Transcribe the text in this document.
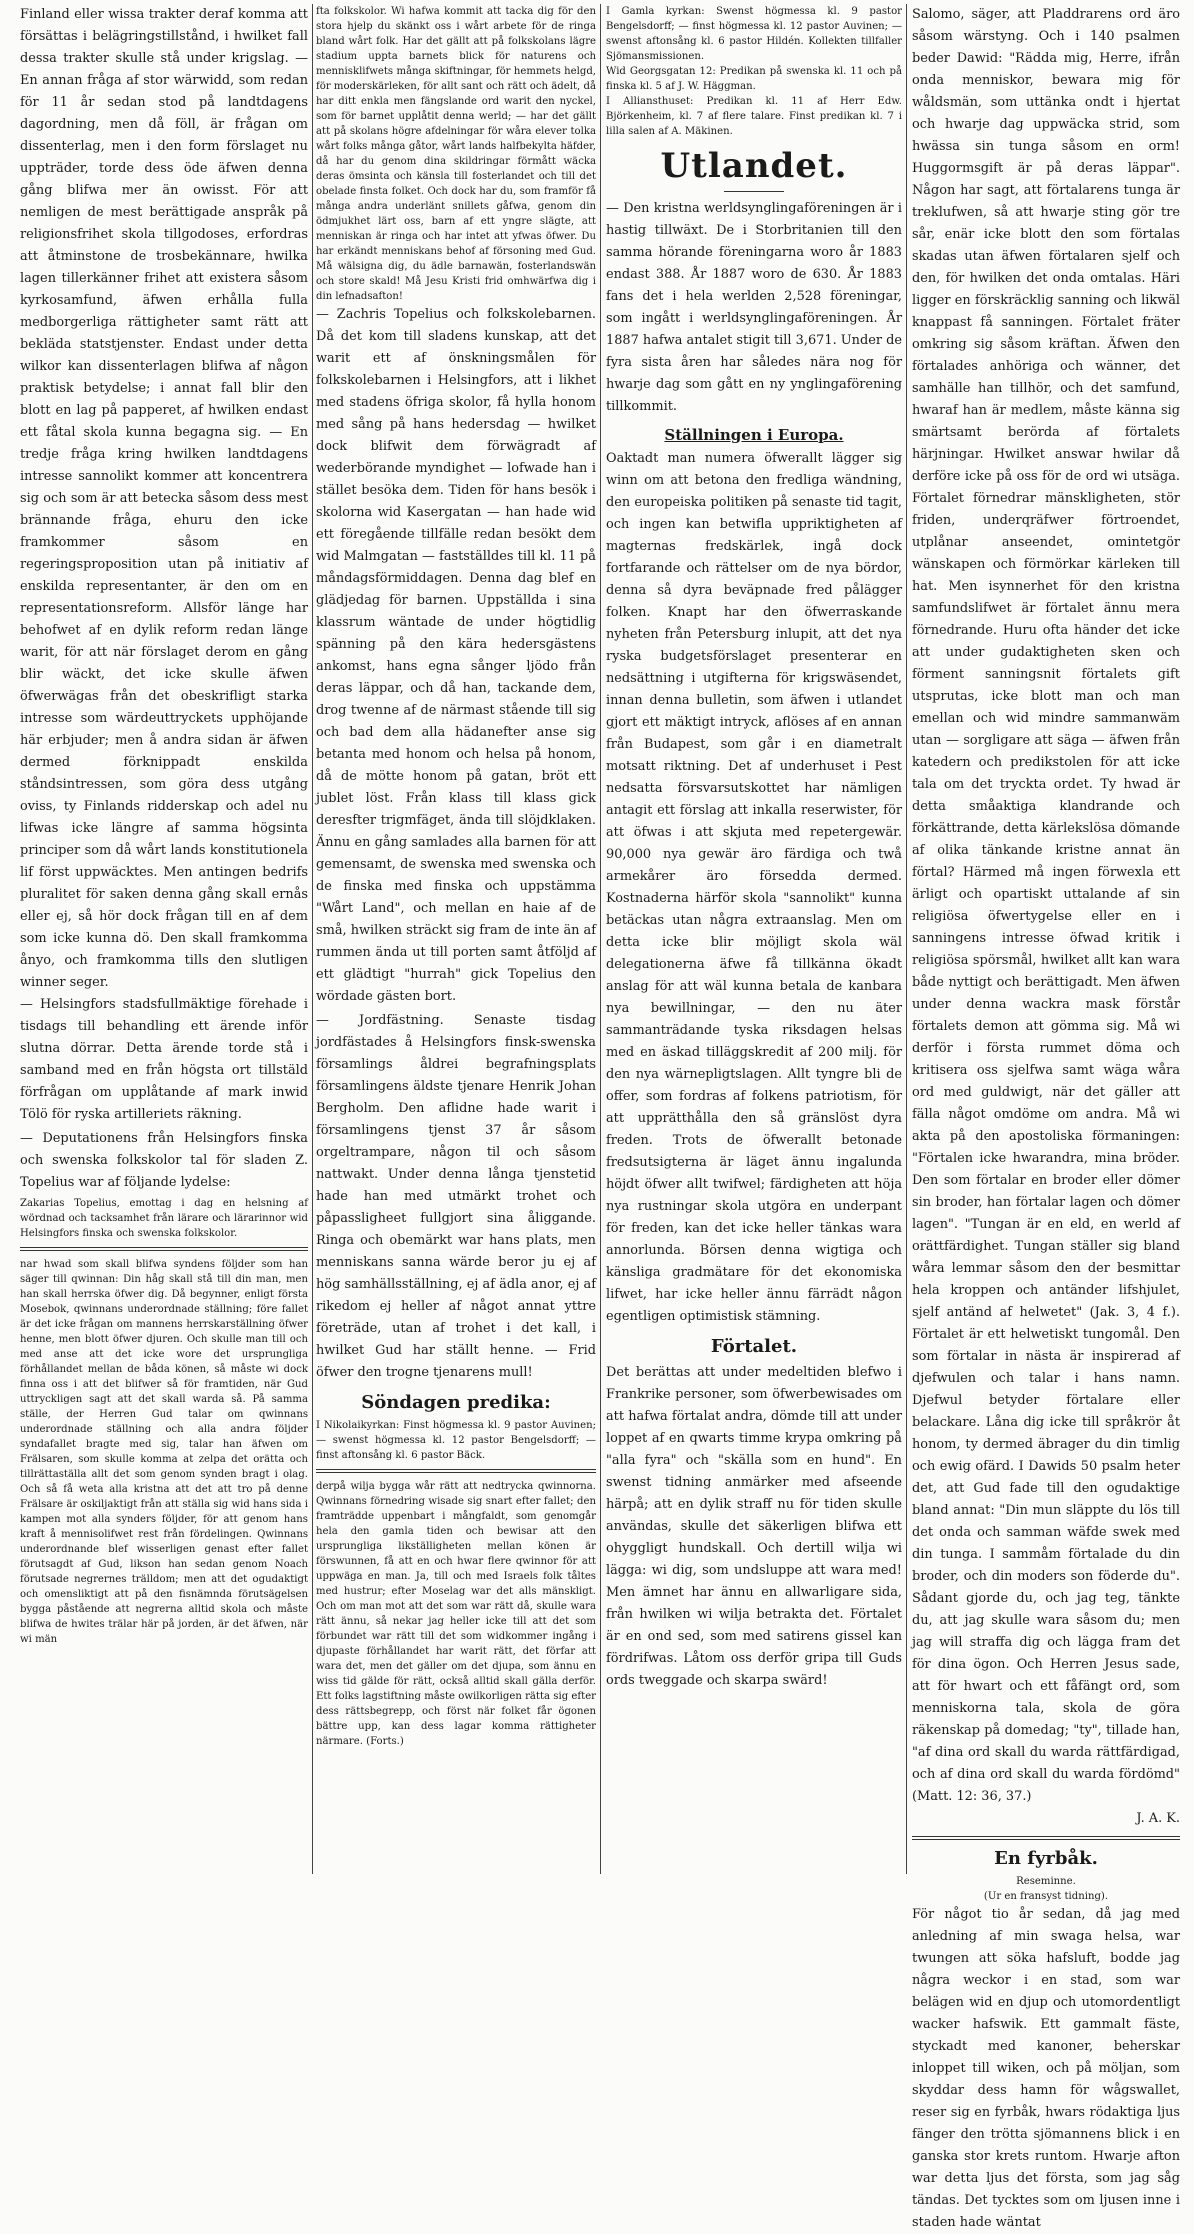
Finland eller wissa trakter deraf komma att försättas i belägringstillstånd, i hwilket fall dessa trakter skulle stå under krigslag. — En annan fråga af stor wärwidd, som redan för 11 år sedan stod på landtdagens dagordning, men då föll, är frågan om dissenterlag, men i den form förslaget nu uppträder, torde dess öde äfwen denna gång blifwa mer än owisst. För att nemligen de mest berättigade anspråk på religionsfrihet skola tillgodoses, erfordras att åtminstone de trosbekännare, hwilka lagen tillerkänner frihet att existera såsom kyrkosamfund, äfwen erhålla fulla medborgerliga rättigheter samt rätt att bekläda statstjenster. Endast under detta wilkor kan dissenterlagen blifwa af någon praktisk betydelse; i annat fall blir den blott en lag på papperet, af hwilken endast ett fåtal skola kunna begagna sig. — En tredje fråga kring hwilken landtdagens intresse sannolikt kommer att koncentrera sig och som är att betecka såsom dess mest brännande fråga, ehuru den icke framkommer såsom en regeringsproposition utan på initiativ af enskilda representanter, är den om en representationsreform. Allsför länge har behofwet af en dylik reform redan länge warit, för att när förslaget derom en gång blir wäckt, det icke skulle äfwen öfwerwägas från det obeskrifligt starka intresse som wärdeuttryckets upphöjande här erbjuder; men å andra sidan är äfwen dermed förknippadt enskilda ståndsintressen, som göra dess utgång oviss, ty Finlands ridderskap och adel nu lifwas icke längre af samma högsinta principer som då wårt lands konstitutionela lif först uppwäcktes. Men antingen bedrifs pluralitet för saken denna gång skall ernås eller ej, så hör dock frågan till en af dem som icke kunna dö. Den skall framkomma ånyo, och framkomma tills den slutligen winner seger.

— Helsingfors stadsfullmäktige förehade i tisdags till behandling ett ärende inför slutna dörrar. Detta ärende torde stå i samband med en från högsta ort tillstäld förfrågan om upplåtande af mark inwid Tölö för ryska artilleriets räkning.

— Deputationens från Helsingfors finska och swenska folkskolor tal för sladen Z. Topelius war af följande lydelse:

Zakarias Topelius, emottag i dag en helsning af wördnad och tacksamhet från lärare och lärarinnor wid Helsingfors finska och swenska folkskolor.

nar hwad som skall blifwa syndens följder som han säger till qwinnan: Din håg skall stå till din man, men han skall herrska öfwer dig. Då begynner, enligt första Mosebok, qwinnans underordnade ställning; före fallet är det icke frågan om mannens herrskarställning öfwer henne, men blott öfwer djuren. Och skulle man till och med anse att det icke wore det ursprungliga förhållandet mellan de båda könen, så måste wi dock finna oss i att det blifwer så för framtiden, när Gud uttryckligen sagt att det skall warda så. På samma ställe, der Herren Gud talar om qwinnans underordnade ställning och alla andra följder syndafallet bragte med sig, talar han äfwen om Frälsaren, som skulle komma at zelpa det orätta och tillrättaställa allt det som genom synden bragt i olag. Och så få weta alla kristna att det att tro på denne Frälsare är oskiljaktigt från att ställa sig wid hans sida i kampen mot alla synders följder, för att genom hans kraft å mennisolifwet rest från fördelingen. Qwinnans underordnande blef wisserligen genast efter fallet förutsagdt af Gud, likson han sedan genom Noach förutsade negrernes trälldom; men att det ogudaktigt och omensliktigt att på den fisnämnda förutsägelsen bygga påstående att negrerna alltid skola och måste blifwa de hwites trälar här på jorden, är det äfwen, när wi män

fta folkskolor. Wi hafwa kommit att tacka dig för den stora hjelp du skänkt oss i wårt arbete för de ringa bland wårt folk. Har det gällt att på folkskolans lägre stadium uppta barnets blick för naturens och mennisklifwets många skiftningar, för hemmets helgd, för moderskärleken, för allt sant och rätt och ädelt, då har ditt enkla men fängslande ord warit den nyckel, som för barnet upplåtit denna werld; — har det gällt att på skolans högre afdelningar för wåra elever tolka wårt folks många gåtor, wårt lands halfbekylta häfder, då har du genom dina skildringar förmått wäcka deras ömsinta och känsla till fosterlandet och till det obelade finsta folket. Och dock har du, som framför få många andra underlänt snillets gåfwa, genom din ödmjukhet lärt oss, barn af ett yngre slägte, att menniskan är ringa och har intet att yfwas öfwer. Du har erkändt menniskans behof af försoning med Gud. Må wälsigna dig, du ädle barnawän, fosterlandswän och store skald! Må Jesu Kristi frid omhwärfwa dig i din lefnadsafton!

— Zachris Topelius och folkskolebarnen. Då det kom till sladens kunskap, att det warit ett af önskningsmålen för folkskolebarnen i Helsingfors, att i likhet med stadens öfriga skolor, få hylla honom med sång på hans hedersdag — hwilket dock blifwit dem förwägradt af wederbörande myndighet — lofwade han i stället besöka dem. Tiden för hans besök i skolorna wid Kasergatan — han hade wid ett föregående tillfälle redan besökt dem wid Malmgatan — fastställdes till kl. 11 på måndagsförmiddagen. Denna dag blef en glädjedag för barnen. Uppställda i sina klassrum wäntade de under högtidlig spänning på den kära hedersgästens ankomst, hans egna sånger ljödo från deras läppar, och då han, tackande dem, drog twenne af de närmast stående till sig och bad dem alla hädanefter anse sig betanta med honom och helsa på honom, då de mötte honom på gatan, bröt ett jublet löst. Från klass till klass gick deresfter trigmfäget, ända till slöjdklaken. Ännu en gång samlades alla barnen för att gemensamt, de swenska med swenska och de finska med finska och uppstämma "Wårt Land", och mellan en haie af de små, hwilken sträckt sig fram de inte än af rummen ända ut till porten samt åtföljd af ett glädtigt "hurrah" gick Topelius den wördade gästen bort.

— Jordfästning. Senaste tisdag jordfästades å Helsingfors finsk-swenska församlings åldrei begrafningsplats församlingens äldste tjenare Henrik Johan Bergholm. Den aflidne hade warit i församlingens tjenst 37 år såsom orgeltrampare, någon til och såsom nattwakt. Under denna långa tjenstetid hade han med utmärkt trohet och påpassligheet fullgjort sina åliggande. Ringa och obemärkt war hans plats, men menniskans sanna wärde beror ju ej af hög samhällsställning, ej af ädla anor, ej af rikedom ej heller af något annat yttre företräde, utan af trohet i det kall, i hwilket Gud har ställt henne. — Frid öfwer den trogne tjenarens mull!

Söndagen predika:

I Nikolaikyrkan: Finst högmessa kl. 9 pastor Auvinen; — swenst högmessa kl. 12 pastor Bengelsdorff; — finst aftonsång kl. 6 pastor Bäck.

derpå wilja bygga wår rätt att nedtrycka qwinnorna. Qwinnans förnedring wisade sig snart efter fallet; den framträdde uppenbart i mångfaldt, som genomgår hela den gamla tiden och bewisar att den ursprungliga likställigheten mellan könen är förswunnen, få att en och hwar flere qwinnor för att uppwäga en man. Ja, till och med Israels folk tåltes med hustrur; efter Moselag war det alls mänskligt. Och om man mot att det som war rätt då, skulle wara rätt ännu, så nekar jag heller icke till att det som förbundet war rätt till det som widkommer ingång i djupaste förhållandet har warit rätt, det förfar att wara det, men det gäller om det djupa, som ännu en wiss tid gälde för rätt, också alltid skall gälla derför. Ett folks lagstiftning måste owilkorligen rätta sig efter dess rättsbegrepp, och först när folket får ögonen bättre upp, kan dess lagar komma rättigheter närmare. (Forts.)

I Gamla kyrkan: Swenst högmessa kl. 9 pastor Bengelsdorff; — finst högmessa kl. 12 pastor Auvinen; — swenst aftonsång kl. 6 pastor Hildén. Kollekten tillfaller Sjömansmissionen.

Wid Georgsgatan 12: Predikan på swenska kl. 11 och på finska kl. 5 af J. W. Häggman.

I Alliansthuset: Predikan kl. 11 af Herr Edw. Björkenheim, kl. 7 af flere talare. Finst predikan kl. 7 i lilla salen af A. Mäkinen.

Utlandet.

— Den kristna werldsynglingaföreningen är i hastig tillwäxt. De i Storbritanien till den samma hörande föreningarna woro år 1883 endast 388. År 1887 woro de 630. År 1883 fans det i hela werlden 2,528 föreningar, som ingått i werldsynglingaföreningen. År 1887 hafwa antalet stigit till 3,671. Under de fyra sista åren har således nära nog för hwarje dag som gått en ny ynglingaförening tillkommit.

Ställningen i Europa.

Oaktadt man numera öfwerallt lägger sig winn om att betona den fredliga wändning, den europeiska politiken på senaste tid tagit, och ingen kan betwifla uppriktigheten af magternas fredskärlek, ingå dock fortfarande och rättelser om de nya bördor, denna så dyra beväpnade fred pålägger folken. Knapt har den öfwerraskande nyheten från Petersburg inlupit, att det nya ryska budgetsförslaget presenterar en nedsättning i utgifterna för krigswäsendet, innan denna bulletin, som äfwen i utlandet gjort ett mäktigt intryck, aflöses af en annan från Budapest, som går i en diametralt motsatt riktning. Det af underhuset i Pest nedsatta försvarsutskottet har nämligen antagit ett förslag att inkalla reserwister, för att öfwas i att skjuta med repetergewär. 90,000 nya gewär äro färdiga och twå armekårer äro försedda dermed. Kostnaderna härför skola "sannolikt" kunna betäckas utan några extraanslag. Men om detta icke blir möjligt skola wäl delegationerna äfwe få tillkänna ökadt anslag för att wäl kunna betala de kanbara nya bewillningar, — den nu äter sammanträdande tyska riksdagen helsas med en äskad tilläggskredit af 200 milj. för den nya wärnepligtslagen. Allt tyngre bli de offer, som fordras af folkens patriotism, för att upprätthålla den så gränslöst dyra freden. Trots de öfwerallt betonade fredsutsigterna är läget ännu ingalunda höjdt öfwer allt twifwel; färdigheten att höja nya rustningar skola utgöra en underpant för freden, kan det icke heller tänkas wara annorlunda. Börsen denna wigtiga och känsliga gradmätare för det ekonomiska lifwet, har icke heller ännu färrädt någon egentligen optimistisk stämning.

Förtalet.

Det berättas att under medeltiden blefwo i Frankrike personer, som öfwerbewisades om att hafwa förtalat andra, dömde till att under loppet af en qwarts timme krypa omkring på "alla fyra" och "skälla som en hund". En swenst tidning anmärker med afseende härpå; att en dylik straff nu för tiden skulle användas, skulle det säkerligen blifwa ett ohyggligt hundskall. Och dertill wilja wi lägga: wi dig, som undsluppe att wara med! Men ämnet har ännu en allwarligare sida, från hwilken wi wilja betrakta det. Förtalet är en ond sed, som med satirens gissel kan fördrifwas. Låtom oss derför gripa till Guds ords tweggade och skarpa swärd!

Salomo, säger, att Pladdrarens ord äro såsom wärstyng. Och i 140 psalmen beder Dawid: "Rädda mig, Herre, ifrån onda menniskor, bewara mig för wåldsmän, som uttänka ondt i hjertat och hwarje dag uppwäcka strid, som hwässa sin tunga såsom en orm! Huggormsgift är på deras läppar". Någon har sagt, att förtalarens tunga är treklufwen, så att hwarje sting gör tre sår, enär icke blott den som förtalas skadas utan äfwen förtalaren sjelf och den, för hwilken det onda omtalas. Häri ligger en förskräcklig sanning och likwäl knappast få sanningen. Förtalet fräter omkring sig såsom kräftan. Äfwen den förtalades anhöriga och wänner, det samhälle han tillhör, och det samfund, hwaraf han är medlem, måste känna sig smärtsamt berörda af förtalets härjningar. Hwilket answar hwilar då derföre icke på oss för de ord wi utsäga. Förtalet förnedrar mänskligheten, stör friden, underqräfwer förtroendet, utplånar anseendet, omintetgör wänskapen och förmörkar kärleken till hat. Men isynnerhet för den kristna samfundslifwet är förtalet ännu mera förnedrande. Huru ofta händer det icke att under gudaktigheten sken och förment sanningsnit förtalets gift utsprutas, icke blott man och man emellan och wid mindre sammanwäm utan — sorgligare att säga — äfwen från katedern och predikstolen för att icke tala om det tryckta ordet. Ty hwad är detta småaktiga klandrande och förkättrande, detta kärlekslösa dömande af olika tänkande kristne annat än förtal? Härmed må ingen förwexla ett ärligt och opartiskt uttalande af sin religiösa öfwertygelse eller en i sanningens intresse öfwad kritik i religiösa spörsmål, hwilket allt kan wara både nyttigt och berättigadt. Men äfwen under denna wackra mask förstår förtalets demon att gömma sig. Må wi derför i första rummet döma och kritisera oss sjelfwa samt wäga wåra ord med guldwigt, när det gäller att fälla något omdöme om andra. Må wi akta på den apostoliska förmaningen: "Förtalen icke hwarandra, mina bröder. Den som förtalar en broder eller dömer sin broder, han förtalar lagen och dömer lagen". "Tungan är en eld, en werld af orättfärdighet. Tungan ställer sig bland wåra lemmar såsom den der besmittar hela kroppen och antänder lifshjulet, sjelf antänd af helwetet" (Jak. 3, 4 f.). Förtalet är ett helwetiskt tungomål. Den som förtalar in nästa är inspirerad af djefwulen och talar i hans namn. Djefwul betyder förtalare eller belackare. Låna dig icke till språkrör åt honom, ty dermed äbrager du din timlig och ewig ofärd. I Dawids 50 psalm heter det, att Gud fade till den ogudaktige bland annat: "Din mun släppte du lös till det onda och samman wäfde swek med din tunga. I sammåm förtalade du din broder, och din moders son föderde du". Sådant gjorde du, och jag teg, tänkte du, att jag skulle wara såsom du; men jag will straffa dig och lägga fram det för dina ögon. Och Herren Jesus sade, att för hwart och ett fåfängt ord, som menniskorna tala, skola de göra räkenskap på domedag; "ty", tillade han, "af dina ord skall du warda rättfärdigad, och af dina ord skall du warda fördömd" (Matt. 12: 36, 37.)

J. A. K.

En fyrbåk.

Reseminne.

(Ur en fransyst tidning).

För något tio år sedan, då jag med anledning af min swaga helsa, war twungen att söka hafsluft, bodde jag några weckor i en stad, som war belägen wid en djup och utomordentligt wacker hafswik. Ett gammalt fäste, styckadt med kanoner, beherskar inloppet till wiken, och på möljan, som skyddar dess hamn för wågswallet, reser sig en fyrbåk, hwars rödaktiga ljus fänger den trötta sjömannens blick i en ganska stor krets runtom. Hwarje afton war detta ljus det första, som jag såg tändas. Det tycktes som om ljusen inne i staden hade wäntat
